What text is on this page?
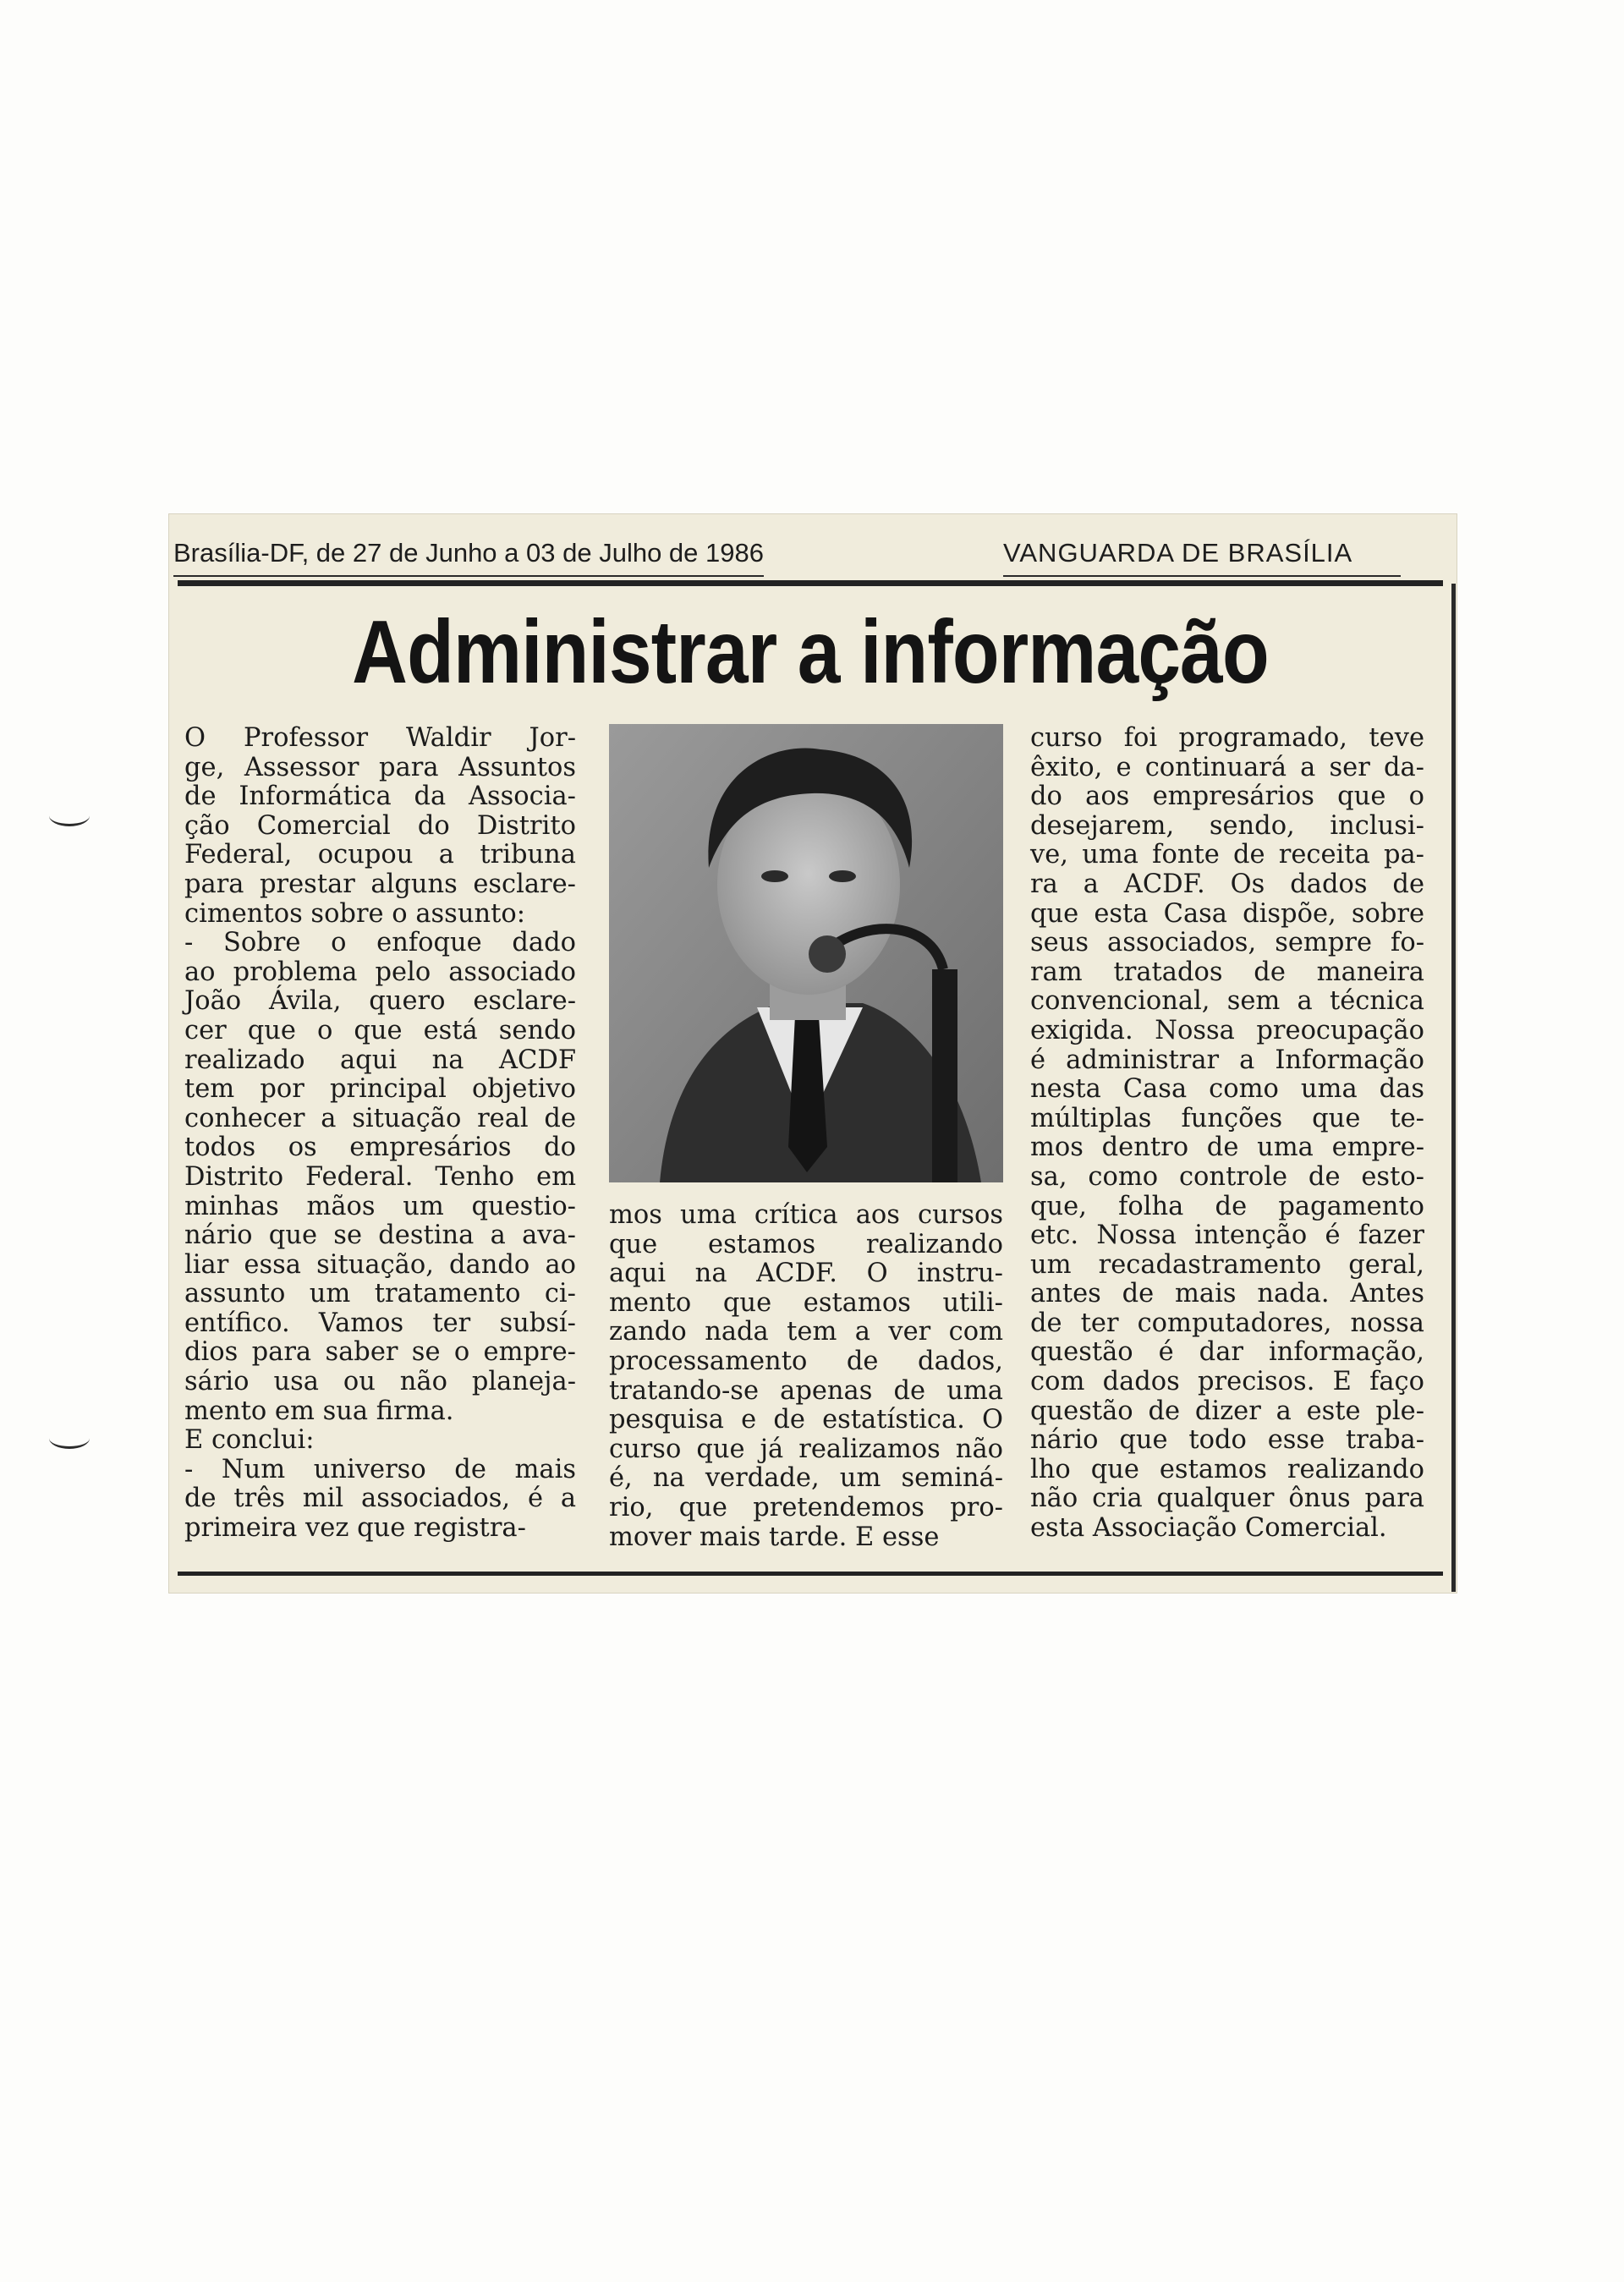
Brasília-DF, de 27 de Junho a 03 de Julho de 1986	VANGUARDA DE BRASÍLIA
Administrar a informação

O Professor Waldir Jor-

ge, Assessor para Assuntos

de Informática da Associa-

ção Comercial do Distrito

Federal, ocupou a tribuna

para prestar alguns esclare-

cimentos sobre o assunto:

- Sobre o enfoque dado

ao problema pelo associado

João Ávila, quero esclare-

cer que o que está sendo

realizado aqui na ACDF

tem por principal objetivo

conhecer a situação real de

todos os empresários do

Distrito Federal. Tenho em

minhas mãos um questio-

nário que se destina a ava-

liar essa situação, dando ao

assunto um tratamento ci-

entífico. Vamos ter subsí-

dios para saber se o empre-

sário usa ou não planeja-

mento em sua firma.

E conclui:

- Num universo de mais

de três mil associados, é a

primeira vez que registra-

mos uma crítica aos cursos

que estamos realizando

aqui na ACDF. O instru-

mento que estamos utili-

zando nada tem a ver com

processamento de dados,

tratando-se apenas de uma

pesquisa e de estatística. O

curso que já realizamos não

é, na verdade, um seminá-

rio, que pretendemos pro-

mover mais tarde. E esse

curso foi programado, teve

êxito, e continuará a ser da-

do aos empresários que o

desejarem, sendo, inclusi-

ve, uma fonte de receita pa-

ra a ACDF. Os dados de

que esta Casa dispõe, sobre

seus associados, sempre fo-

ram tratados de maneira

convencional, sem a técnica

exigida. Nossa preocupação

é administrar a Informação

nesta Casa como uma das

múltiplas funções que te-

mos dentro de uma empre-

sa, como controle de esto-

que, folha de pagamento

etc. Nossa intenção é fazer

um recadastramento geral,

antes de mais nada. Antes

de ter computadores, nossa

questão é dar informação,

com dados precisos. E faço

questão de dizer a este ple-

nário que todo esse traba-

lho que estamos realizando

não cria qualquer ônus para

esta Associação Comercial.
